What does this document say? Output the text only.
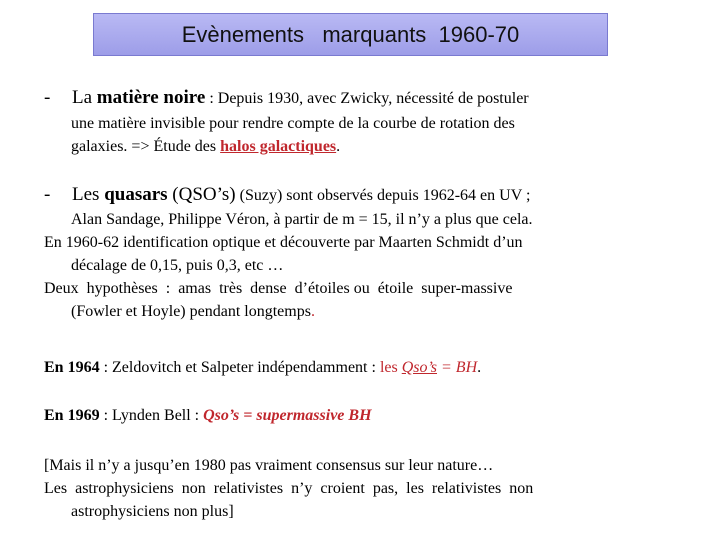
Evènements   marquants  1960-70
- La matière noire : Depuis 1930, avec Zwicky, nécessité de postuler
une matière invisible pour rendre compte de la courbe de rotation des
galaxies. => Étude des halos galactiques.
- Les quasars (QSO’s) (Suzy) sont observés depuis 1962-64 en UV ;
Alan Sandage, Philippe Véron, à partir de m = 15, il n’y a plus que cela.
En 1960-62 identification optique et découverte par Maarten Schmidt d’un
décalage de 0,15, puis 0,3, etc …
Deux  hypothèses  :  amas  très  dense  d’étoiles ou  étoile  super-massive
(Fowler et Hoyle) pendant longtemps.
En 1964 : Zeldovitch et Salpeter indépendamment : les Qso’s = BH.
En 1969 : Lynden Bell : Qso’s = supermassive BH
[Mais il n’y a jusqu’en 1980 pas vraiment consensus sur leur nature…
Les  astrophysiciens  non  relativistes  n’y  croient  pas,  les  relativistes  non
astrophysiciens non plus]
